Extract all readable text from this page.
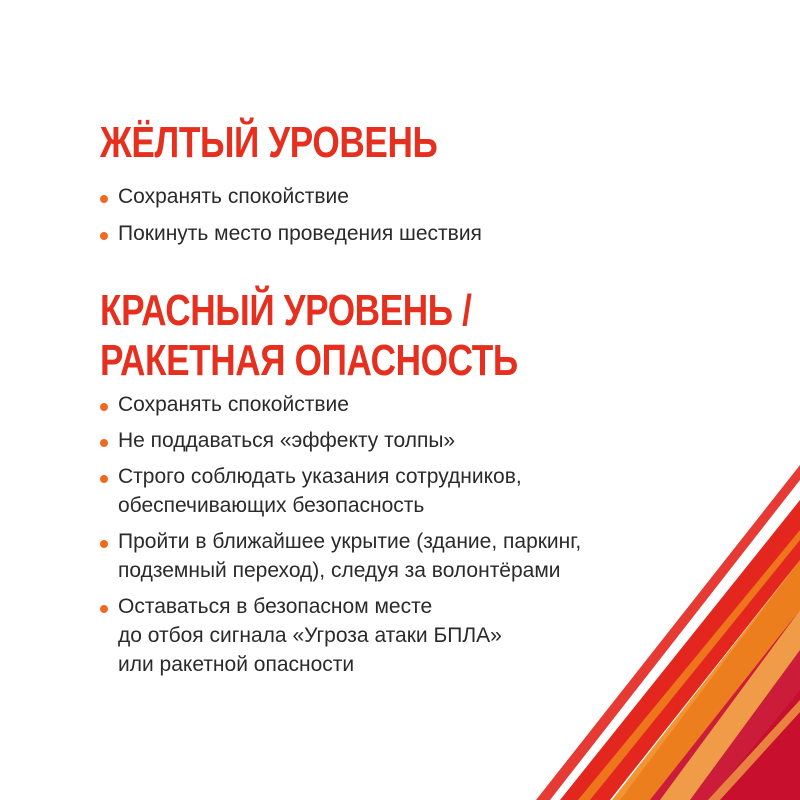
ЖЁЛТЫЙ УРОВЕНЬ
Сохранять спокойствие
Покинуть место проведения шествия
КРАСНЫЙ УРОВЕНЬ /
РАКЕТНАЯ ОПАСНОСТЬ
Сохранять спокойствие
Не поддаваться «эффекту толпы»
Строго соблюдать указания сотрудников,
обеспечивающих безопасность
Пройти в ближайшее укрытие (здание, паркинг,
подземный переход), следуя за волонтёрами
Оставаться в безопасном месте
до отбоя сигнала «Угроза атаки БПЛА»
или ракетной опасности
